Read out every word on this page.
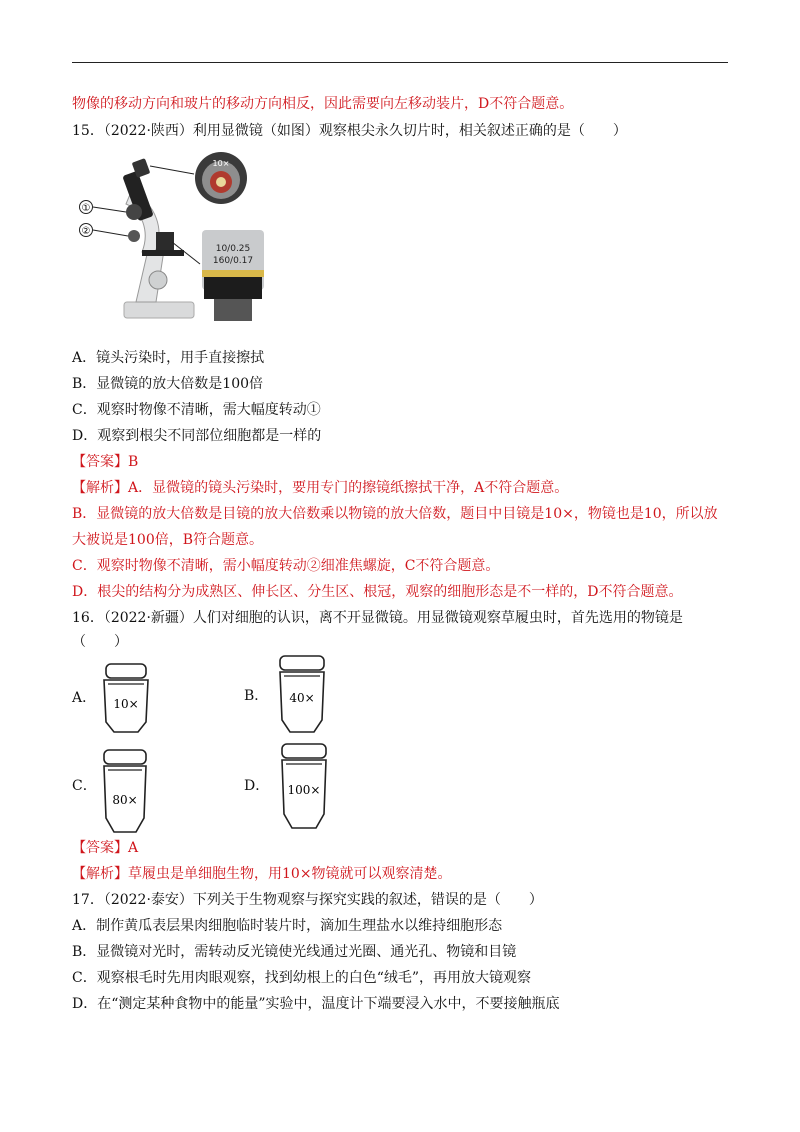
物像的移动方向和玻片的移动方向相反，因此需要向左移动装片，D不符合题意。
15．（2022·陕西）利用显微镜（如图）观察根尖永久切片时，相关叙述正确的是（　　）
①
②
10×
10/0.25
160/0.17
A．镜头污染时，用手直接擦拭
B．显微镜的放大倍数是100倍
C．观察时物像不清晰，需大幅度转动①
D．观察到根尖不同部位细胞都是一样的
【答案】B
【解析】A．显微镜的镜头污染时，要用专门的擦镜纸擦拭干净，A不符合题意。
B．显微镜的放大倍数是目镜的放大倍数乘以物镜的放大倍数，题目中目镜是10×，物镜也是10，所以放
大被说是100倍，B符合题意。
C．观察时物像不清晰，需小幅度转动②细准焦螺旋，C不符合题意。
D．根尖的结构分为成熟区、伸长区、分生区、根冠，观察的细胞形态是不一样的，D不符合题意。
16．（2022·新疆）人们对细胞的认识，离不开显微镜。用显微镜观察草履虫时，首先选用的物镜是
（　　）
A． 10×	B． 40×
C．
80×
D． 100×
【答案】A
【解析】草履虫是单细胞生物，用10×物镜就可以观察清楚。
17．（2022·泰安）下列关于生物观察与探究实践的叙述，错误的是（　　）
A．制作黄瓜表层果肉细胞临时装片时，滴加生理盐水以维持细胞形态
B．显微镜对光时，需转动反光镜使光线通过光圈、通光孔、物镜和目镜
C．观察根毛时先用肉眼观察，找到幼根上的白色“绒毛”，再用放大镜观察
D．在“测定某种食物中的能量”实验中，温度计下端要浸入水中，不要接触瓶底
